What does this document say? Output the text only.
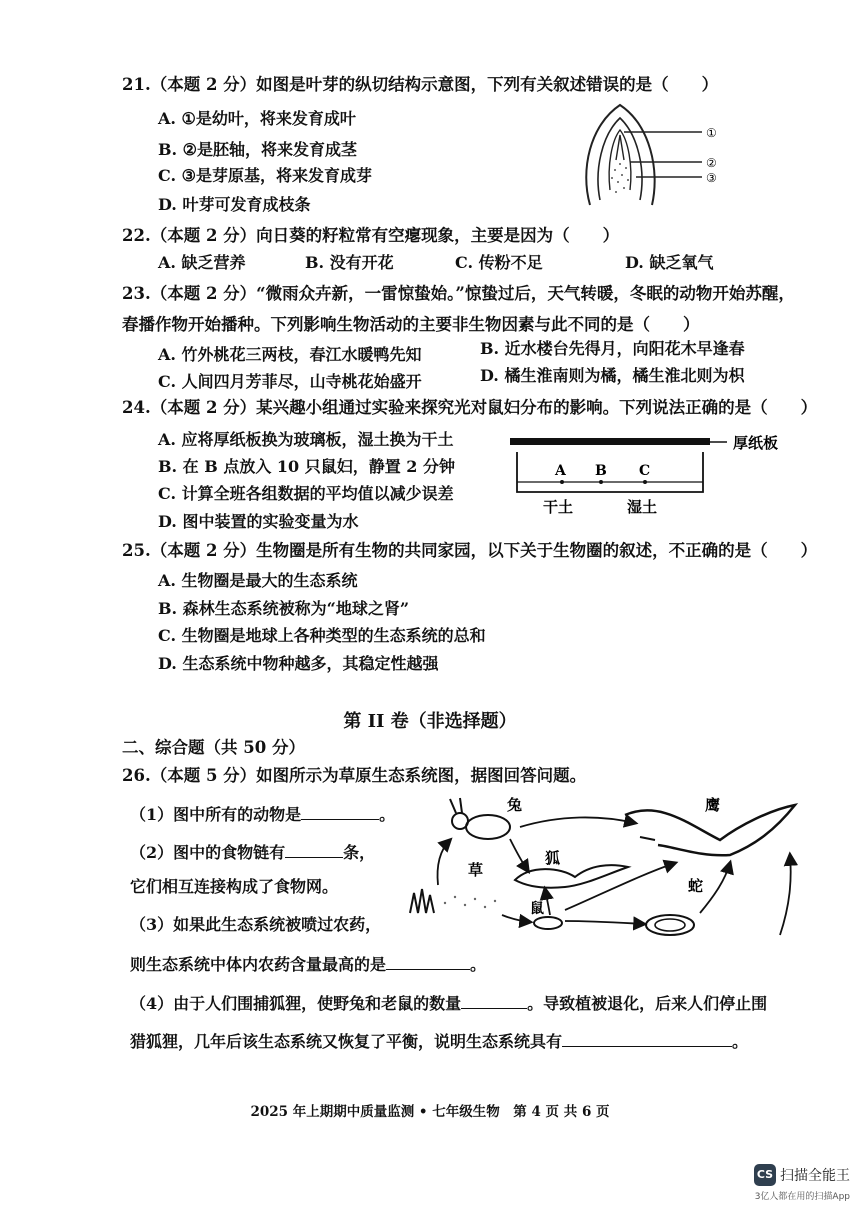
21.（本题 2 分）如图是叶芽的纵切结构示意图，下列有关叙述错误的是（　　）
A. ①是幼叶，将来发育成叶
B. ②是胚轴，将来发育成茎
C. ③是芽原基，将来发育成芽
D. 叶芽可发育成枝条
①
②
③
22.（本题 2 分）向日葵的籽粒常有空瘪现象，主要是因为（　　）
A. 缺乏营养	B. 没有开花	C. 传粉不足	D. 缺乏氧气
23.（本题 2 分）“微雨众卉新，一雷惊蛰始。”惊蛰过后，天气转暖，冬眠的动物开始苏醒，
春播作物开始播种。下列影响生物活动的主要非生物因素与此不同的是（　　）
A. 竹外桃花三两枝，春江水暖鸭先知	B. 近水楼台先得月，向阳花木早逢春
C. 人间四月芳菲尽，山寺桃花始盛开	D. 橘生淮南则为橘，橘生淮北则为枳
24.（本题 2 分）某兴趣小组通过实验来探究光对鼠妇分布的影响。下列说法正确的是（　　）
A. 应将厚纸板换为玻璃板，湿土换为干土
B. 在 B 点放入 10 只鼠妇，静置 2 分钟
C. 计算全班各组数据的平均值以减少误差
D. 图中装置的实验变量为水
厚纸板
A B C
干土	湿土
25.（本题 2 分）生物圈是所有生物的共同家园，以下关于生物圈的叙述，不正确的是（　　）
A. 生物圈是最大的生态系统
B. 森林生态系统被称为“地球之肾”
C. 生物圈是地球上各种类型的生态系统的总和
D. 生态系统中物种越多，其稳定性越强
第 II 卷（非选择题）
二、综合题（共 50 分）
26.（本题 5 分）如图所示为草原生态系统图，据图回答问题。
（1）图中所有的动物是	。
（2）图中的食物链有	条，
它们相互连接构成了食物网。
（3）如果此生态系统被喷过农药，
则生态系统中体内农药含量最高的是	。
（4）由于人们围捕狐狸，使野兔和老鼠的数量	。导致植被退化，后来人们停止围
猎狐狸，几年后该生态系统又恢复了平衡，说明生态系统具有	。
兔	鹰
草
狐
鼠
蛇
2025 年上期期中质量监测 • 七年级生物　第 4 页 共 6 页
CS 扫描全能王
3亿人都在用的扫描App
